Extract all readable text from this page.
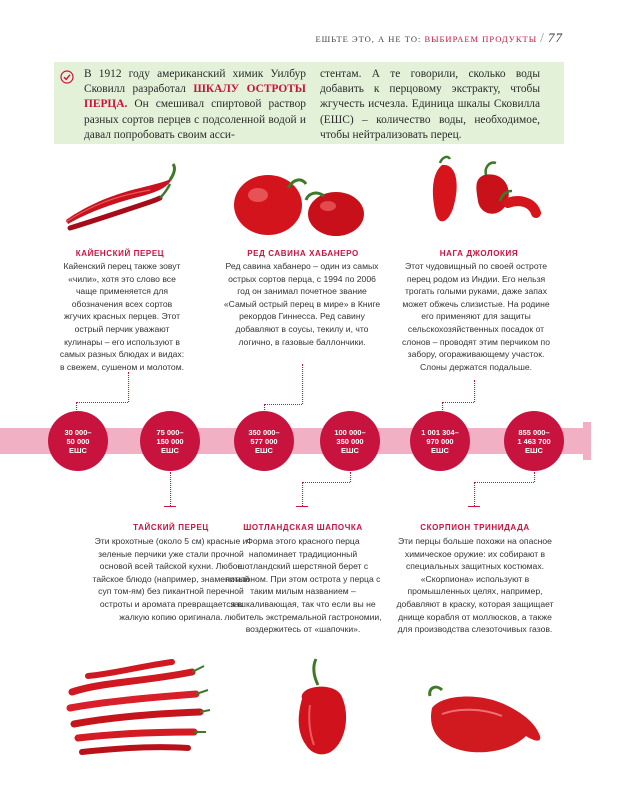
ЕШЬТЕ ЭТО, А НЕ ТО: ВЫБИРАЕМ ПРОДУКТЫ / 77
В 1912 году американский химик Уилбур Сковилл разработал ШКАЛУ ОСТРОТЫ ПЕРЦА. Он смешивал спиртовой раствор разных сортов перцев с подсоленной водой и давал попробовать своим асси-
стентам. А те говорили, сколько воды добавить к перцовому экстракту, чтобы жгучесть исчезла. Единица шкалы Сковилла (ЕШС) – количество воды, необходимое, чтобы нейтрализовать перец.
КАЙЕНСКИЙ ПЕРЕЦ
Кайенский перец также зовут «чили», хотя это слово все чаще применяется для обозначения всех сортов жгучих красных перцев. Этот острый перчик уважают кулинары – его используют в самых разных блюдах и видах: в свежем, сушеном и молотом.
РЕД САВИНА ХАБАНЕРО
Ред савина хабанеро – один из самых острых сортов перца, с 1994 по 2006 год он занимал почетное звание «Самый острый перец в мире» в Книге рекордов Гиннесса. Ред савину добавляют в соусы, текилу и, что логично, в газовые баллончики.
НАГА ДЖОЛОКИЯ
Этот чудовищный по своей остроте перец родом из Индии. Его нельзя трогать голыми руками, даже запах может обжечь слизистые. На родине его применяют для защиты сельскохозяйственных посадок от слонов – проводят этим перчиком по забору, огораживающему участок. Слоны держатся подальше.
30 000–
50 000
ЕШС
75 000–
150 000
ЕШС
350 000–
577 000
ЕШС
100 000–
350 000
ЕШС
1 001 304–
970 000
ЕШС
855 000–
1 463 700
ЕШС
ТАЙСКИЙ ПЕРЕЦ
Эти крохотные (около 5 см) красные и зеленые перчики уже стали прочной основой всей тайской кухни. Любое тайское блюдо (например, знаменитый суп том-ям) без пикантной перечной остроты и аромата превращается в жалкую копию оригинала.
ШОТЛАНДСКАЯ ШАПОЧКА
Форма этого красного перца напоминает традиционный шотландский шерстяной берет с помпоном. При этом острота у перца с таким милым названием – зашкаливающая, так что если вы не любитель экстремальной гастрономии, воздержитесь от «шапочки».
СКОРПИОН ТРИНИДАДА
Эти перцы больше похожи на опасное химическое оружие: их собирают в специальных защитных костюмах. «Скорпиона» используют в промышленных целях, например, добавляют в краску, которая защищает днище корабля от моллюсков, а также для производства слезоточивых газов.
